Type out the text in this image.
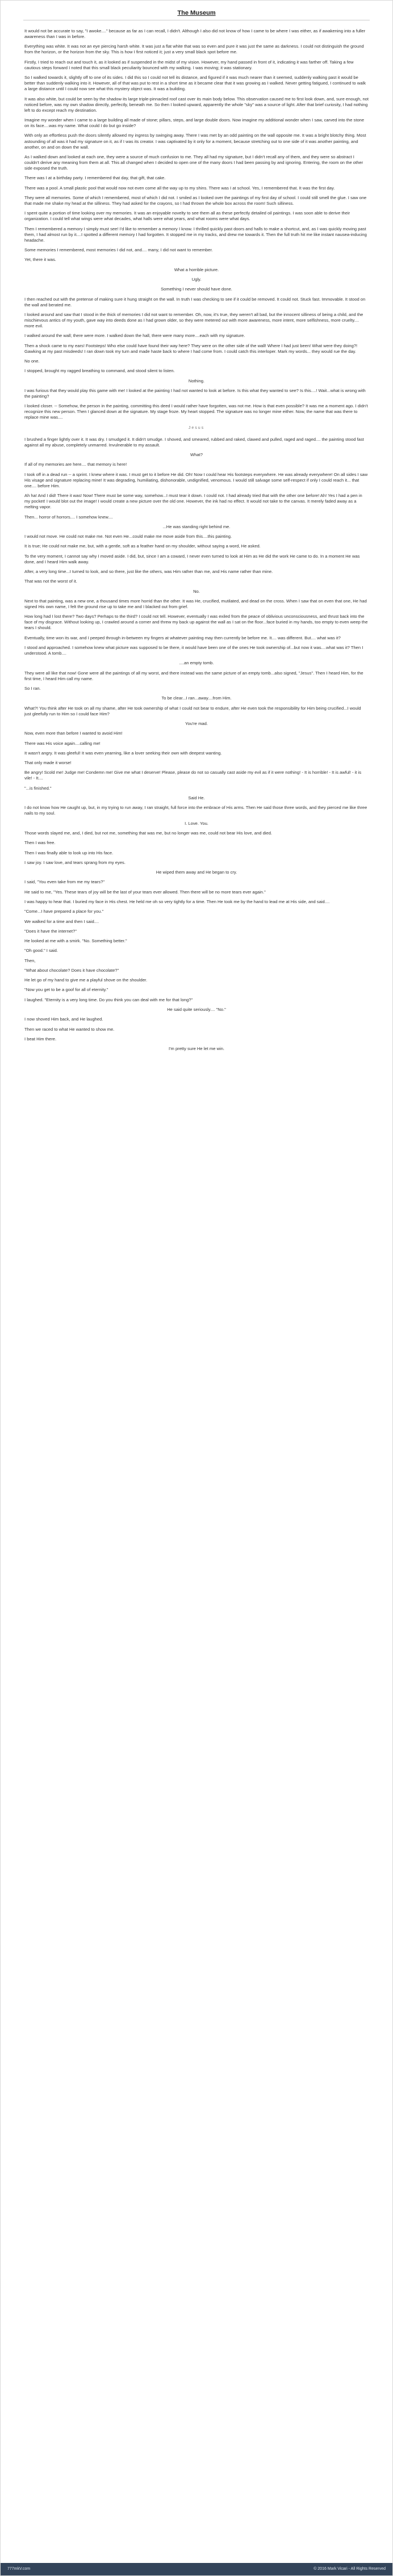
The Museum

It would not be accurate to say, "I awoke...." because as far as I can recall, I didn't. Although I also did not know of how I came to be where I was either, as if awakening into a fuller awareness than I was in before.

Everything was white. It was not an eye piercing harsh white. It was just a flat white that was so even and pure it was just the same as darkness. I could not distinguish the ground from the horizon, or the horizon from the sky. This is how I first noticed it; just a very small black spot before me.

Firstly, I tried to reach out and touch it, as it looked as if suspended in the midst of my vision. However, my hand passed in front of it, indicating it was farther off. Taking a few cautious steps forward I noted that this small black peculiarity bounced with my walking. I was moving; it was stationary.

So I walked towards it, slightly off to one of its sides. I did this so I could not tell its distance, and figured if it was much nearer than it seemed, suddenly walking past it would be better than suddenly walking into it. However, all of that was put to rest in a short time as it became clear that it was growing as I walked. Never getting fatigued, I continued to walk a large distance until I could now see what this mystery object was. It was a building.

It was also white, but could be seen by the shadow its large triple-pinnacled roof cast over its main body below. This observation caused me to first look down, and, sure enough, not noticed before, was my own shadow directly, perfectly, beneath me. So then I looked upward, apparently the whole "sky" was a source of light. After that brief curiosity, I had nothing left to do except reach my destination.

Imagine my wonder when I came to a large building all made of stone; pillars, steps, and large double doors. Now imagine my additional wonder when I saw, carved into the stone on its face....was my name. What could I do but go inside?

With only an effortless push the doors silently allowed my ingress by swinging away. There I was met by an odd painting on the wall opposite me. It was a bright blotchy thing. Most astounding of all was it had my signature on it, as if I was its creator. I was captivated by it only for a moment, because stretching out to one side of it was another painting, and another, on and on down the wall.

As I walked down and looked at each one, they were a source of much confusion to me. They all had my signature, but I didn't recall any of them, and they were so abstract I couldn't derive any meaning from them at all. This all changed when I decided to open one of the many doors I had been passing by and ignoring. Entering, the room on the other side exposed the truth.

There was I at a birthday party. I remembered that day, that gift, that cake.

There was a pool. A small plastic pool that would now not even come all the way up to my shins. There was I at school. Yes, I remembered that. It was the first day.

They were all memories. Some of which I remembered, most of which I did not. I smiled as I looked over the paintings of my first day of school. I could still smell the glue. I saw one that made me shake my head at the silliness. They had asked for the crayons, so I had thrown the whole box across the room! Such silliness.

I spent quite a portion of time looking over my memories. It was an enjoyable novelty to see them all as these perfectly detailed oil paintings. I was soon able to derive their organization. I could tell what wings were what decades, what halls were what years, and what rooms were what days.

Then I remembered a memory I simply must see! I'd like to remember a memory I know. I thrilled quickly past doors and halls to make a shortcut, and, as I was quickly moving past them, I had almost run by it....I spotted a different memory I had forgotten. It stopped me in my tracks, and drew me towards it. Then the full truth hit me like instant nausea-inducing headache.

Some memories I remembered, most memories I did not, and.... many, I did not want to remember.

Yet, there it was.

What a horrible picture.

Ugly.

Something I never should have done.

I then reached out with the pretense of making sure it hung straight on the wall. In truth I was checking to see if it could be removed. It could not. Stuck fast. Immovable. It stood on the wall and berated me.

I looked around and saw that I stood in the thick of memories I did not want to remember. Oh, now, it's true, they weren't all bad, but the innocent silliness of being a child, and the mischievous antics of my youth, gave way into deeds done as I had grown older, so they were metered out with more awareness, more intent, more selfishness, more cruelty.... more evil.

I walked around the wall; there were more. I walked down the hall, there were many more....each with my signature.

Then a shock came to my ears! Footsteps! Who else could have found their way here? They were on the other side of the wall! Where I had just been! What were they doing?! Gawking at my past misdeeds! I ran down took my turn and made haste back to where I had come from. I could catch this interloper. Mark my words... they would rue the day.

No one.

I stopped, brought my ragged breathing to command, and stood silent to listen.

Nothing.

I was furious that they would play this game with me! I looked at the painting I had not wanted to look at before. Is this what they wanted to see? Is this....! Wait...what is wrong with the painting?

I looked closer. -- Somehow, the person in the painting, committing this deed I would rather have forgotten, was not me. How is that even possible? It was me a moment ago. I didn't recognize this new person. Then I glanced down at the signature. My stage froze. My heart stopped. The signature was no longer mine either. Now, the name that was there to replace mine was....

Jesus

I brushed a finger lightly over it. It was dry. I smudged it. It didn't smudge. I shoved, and smeared, rubbed and raked, clawed and pulled, raged and raged.... the painting stood fast against all my abuse, completely unmarred. Invulnerable to my assault.

What?

If all of my memories are here.... that memory is here!

I took off in a dead run -- a sprint. I knew where it was. I must get to it before He did. Oh! Now I could hear His footsteps everywhere. He was already everywhere! On all sides I saw His visage and signature replacing mine! It was degrading, humiliating, dishonorable, undignified, venomous. I would still salvage some self-respect if only I could reach it... that one.... before Him.

Ah ha! And I did! There it was! Now! There must be some way, somehow...I must tear it down. I could not. I had already tried that with the other one before! Ah! Yes I had a pen in my pocket! I would blot out the image! I would create a new picture over the old one. However, the ink had no effect. It would not take to the canvas. It merely faded away as a melting vapor.

Then... horror of horrors.... I somehow knew....

...He was standing right behind me.

I would not move. He could not make me. Not even He...could make me move aside from this....this painting.

It is true; He could not make me, but, with a gentle, soft as a feather hand on my shoulder, without saying a word, He asked.

To the very moment, I cannot say why I moved aside. I did, but, since I am a coward, I never even turned to look at Him as He did the work He came to do. In a moment He was done, and I heard Him walk away.

After, a very long time...I turned to look, and so there, just like the others, was Him rather than me, and His name rather than mine.

That was not the worst of it.

No.

Next to that painting, was a new one, a thousand times more horrid than the other. It was He, crucified, mutilated, and dead on the cross. When I saw that on even that one, He had signed His own name, I felt the ground rise up to take me and I blacked out from grief.

How long had I lost there? Two days? Perhaps to the third? I could not tell. However, eventually I was exiled from the peace of oblivious unconsciousness, and thrust back into the face of my disgrace. Without looking up, I crawled around a corner and threw my back up against the wall as I sat on the floor...face buried in my hands, too empty to even weep the tears I should.

Eventually, time won its war, and I peeped through in-between my fingers at whatever painting may then currently be before me. It.... was different. But.... what was it?

I stood and approached. I somehow knew what picture was supposed to be there, it would have been one of the ones He took ownership of...but now it was....what was it? Then I understood. A tomb....

....an empty tomb.

They were all like that now! Gone were all the paintings of all my worst, and there instead was the same picture of an empty tomb...also signed, "Jesus". Then I heard Him, for the first time, I heard Him call my name.

So I ran.

To be clear...I ran...away....from Him.

What?! You think after He took on all my shame, after He took ownership of what I could not bear to endure, after He even took the responsibility for Him being crucified...I would just gleefully run to Him so I could face Him?

You're mad.

Now, even more than before I wanted to avoid Him!

There was His voice again....calling me!

It wasn't angry. It was gleeful! It was even yearning, like a lover seeking their own with deepest wanting.

That only made it worse!

Be angry! Scold me! Judge me! Condemn me! Give me what I deserve! Please, please do not so casually cast aside my evil as if it were nothing! - It is horrible! - It is awful! - it is vile! - It....

"...is finished."

Said He.

I do not know how He caught up, but, in my trying to run away, I ran straight, full force into the embrace of His arms. Then He said those three words, and they pierced me like three nails to my soul.

I. Love. You.

Those words slayed me, and, I died, but not me, something that was me, but no longer was me, could not bear His love, and died.

Then I was free.

Then I was finally able to look up into His face.

I saw joy. I saw love, and tears sprang from my eyes.

He wiped them away and He began to cry.

I said, "You even take from me my tears?"

He said to me, "Yes. These tears of joy will be the last of your tears ever allowed. Then there will be no more tears ever again."

I was happy to hear that. I buried my face in His chest. He held me oh so very tightly for a time. Then He took me by the hand to lead me at His side, and said....

"Come...I have prepared a place for you."

We walked for a time and then I said....

"Does it have the internet?"

He looked at me with a smirk. "No. Something better."

"Oh good." I said.

Then,

"What about chocolate? Does it have chocolate?"

He let go of my hand to give me a playful shove on the shoulder.

"Now you get to be a goof for all of eternity."

I laughed. "Eternity is a very long time. Do you think you can deal with me for that long?"

He said quite seriously.... "No."

I now shoved Him back, and He laughed.

Then we raced to what He wanted to show me.

I beat Him there.

I'm pretty sure He let me win.

777mkV.com	© 2016 Mark Vicari - All Rights Reserved
